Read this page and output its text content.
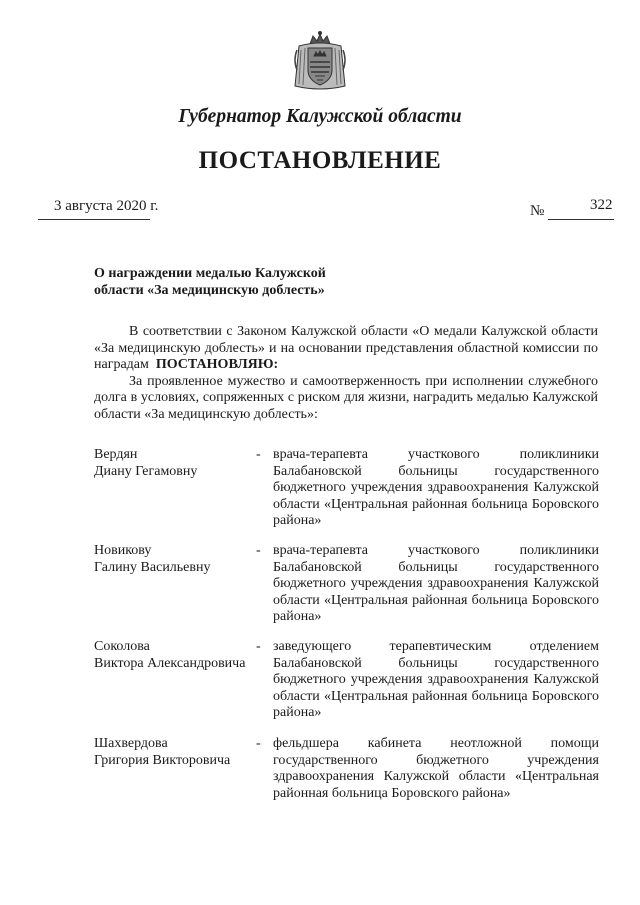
Губернатор Калужской области
ПОСТАНОВЛЕНИЕ
3 августа 2020 г.	№	322
О награждении медалью Калужской
области «За медицинскую доблесть»

В соответствии с Законом Калужской области «О медали Калужской области «За медицинскую доблесть» и на основании представления областной комиссии по наградам ПОСТАНОВЛЯЮ:

За проявленное мужество и самоотверженность при исполнении служебного долга в условиях, сопряженных с риском для жизни, наградить медалью Калужской области «За медицинскую доблесть»:

Вердян
Диану Гегамовну
- врача-терапевта участкового поликлиники Балабановской больницы государственного бюджетного учреждения здравоохранения Калужской области «Центральная районная больница Боровского района»
Новикову
Галину Васильевну
- врача-терапевта участкового поликлиники Балабановской больницы государственного бюджетного учреждения здравоохранения Калужской области «Центральная районная больница Боровского района»
Соколова
Виктора Александровича
- заведующего терапевтическим отделением Балабановской больницы государственного бюджетного учреждения здравоохранения Калужской области «Центральная районная больница Боровского района»
Шахвердова
Григория Викторовича
- фельдшера кабинета неотложной помощи государственного бюджетного учреждения здравоохранения Калужской области «Центральная районная больница Боровского района»
